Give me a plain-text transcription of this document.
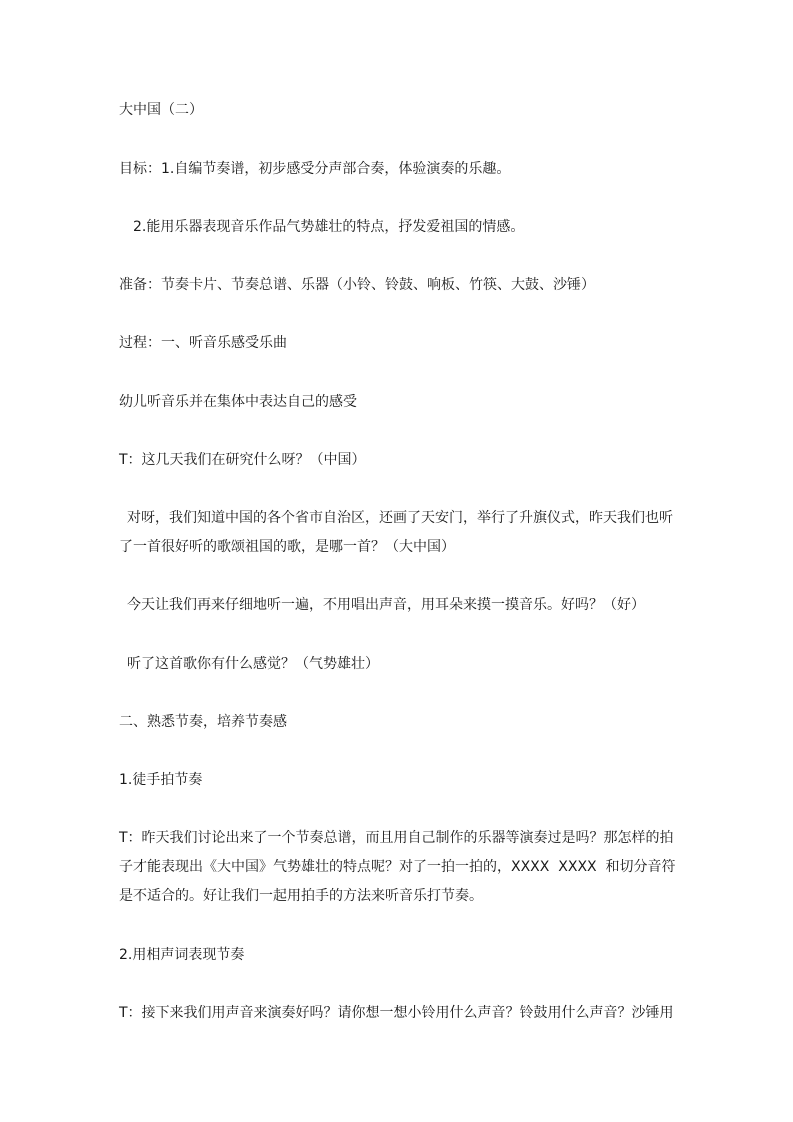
大中国（二）

目标：1.自编节奏谱，初步感受分声部合奏，体验演奏的乐趣。

2.能用乐器表现音乐作品气势雄壮的特点，抒发爱祖国的情感。

准备：节奏卡片、节奏总谱、乐器（小铃、铃鼓、响板、竹筷、大鼓、沙锤）

过程：一、听音乐感受乐曲

幼儿听音乐并在集体中表达自己的感受

T：这几天我们在研究什么呀？（中国）

对呀，我们知道中国的各个省市自治区，还画了天安门，举行了升旗仪式，昨天我们也听
了一首很好听的歌颂祖国的歌，是哪一首？（大中国）

今天让我们再来仔细地听一遍，不用唱出声音，用耳朵来摸一摸音乐。好吗？（好）

听了这首歌你有什么感觉？（气势雄壮）

二、熟悉节奏，培养节奏感

1.徒手拍节奏

T：昨天我们讨论出来了一个节奏总谱，而且用自己制作的乐器等演奏过是吗？那怎样的拍
子才能表现出《大中国》气势雄壮的特点呢？对了一拍一拍的，XXXX  XXXX  和切分音符
是不适合的。好让我们一起用拍手的方法来听音乐打节奏。

2.用相声词表现节奏

T：接下来我们用声音来演奏好吗？请你想一想小铃用什么声音？铃鼓用什么声音？沙锤用
